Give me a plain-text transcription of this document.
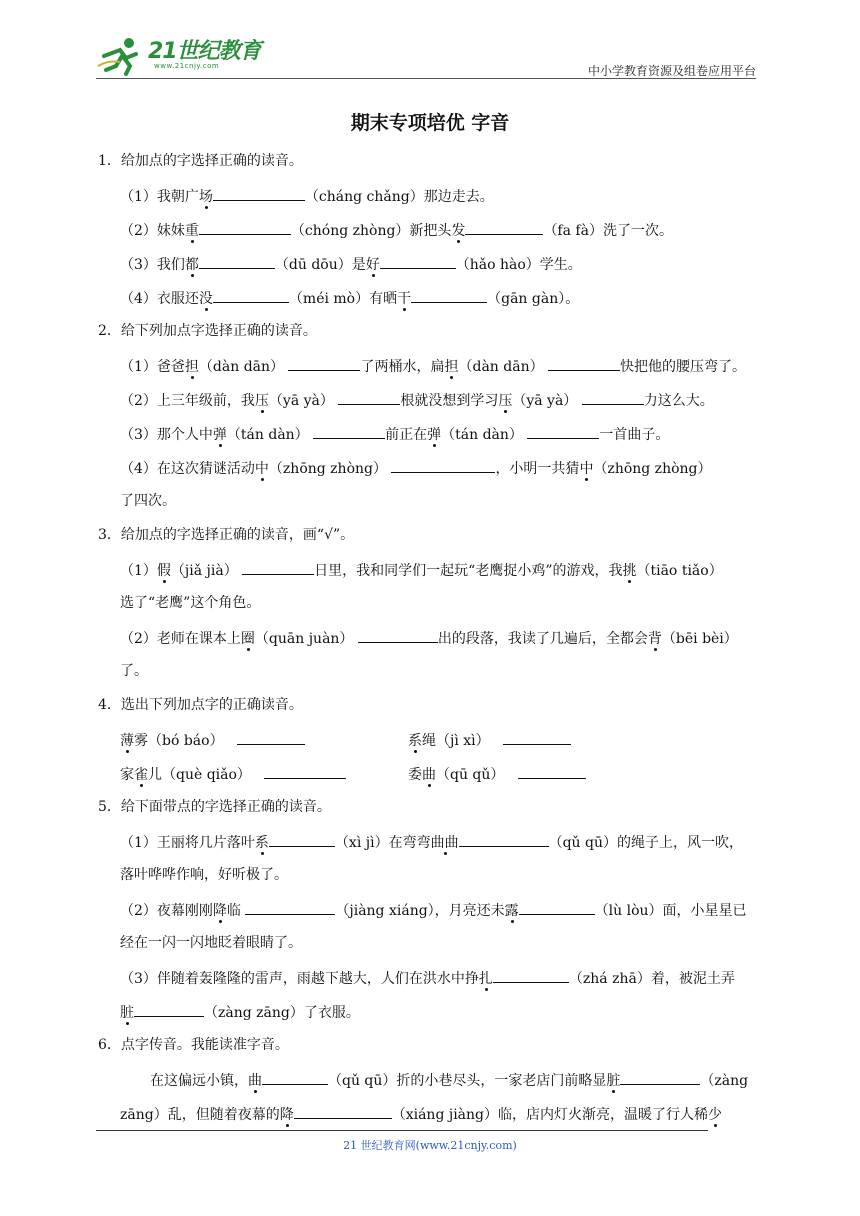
21世纪教育
www.21cnjy.com	中小学教育资源及组卷应用平台
期末专项培优 字音
1．给加点的字选择正确的读音。
（1）我朝广场	（cháng chǎng）那边走去。
（2）妹妹重	（chóng zhòng）新把头发	（fa fà）洗了一次。
（3）我们都	（dū dōu）是好	（hǎo hào）学生。
（4）衣服还没	（méi mò）有晒干	（gān gàn）。
2．给下列加点字选择正确的读音。
（1）爸爸担（dàn dān）	了两桶水，扁担（dàn dān）	快把他的腰压弯了。
（2）上三年级前，我压（yā yà）	根就没想到学习压（yā yà）	力这么大。
（3）那个人中弹（tán dàn）	前正在弹（tán dàn）	一首曲子。
（4）在这次猜谜活动中（zhōng zhòng）	，小明一共猜中（zhōng zhòng）
了四次。
3．给加点的字选择正确的读音，画“√”。
（1）假（jiǎ jià）	日里，我和同学们一起玩“老鹰捉小鸡”的游戏，我挑（tiāo tiǎo）
选了“老鹰”这个角色。
（2）老师在课本上圈（quān juàn）	出的段落，我读了几遍后，全都会背（bēi bèi）
了。
4．选出下列加点字的正确读音。
薄雾（bó báo）	系绳（jì xì）
家雀儿（què qiǎo）	委曲（qū qǔ）
5．给下面带点的字选择正确的读音。
（1）王丽将几片落叶系	（xì jì）在弯弯曲曲	（qǔ qū）的绳子上，风一吹，
落叶哗哗作响，好听极了。
（2）夜幕刚刚降临	（jiàng xiáng），月亮还未露	（lù lòu）面，小星星已
经在一闪一闪地眨着眼睛了。
（3）伴随着轰隆隆的雷声，雨越下越大，人们在洪水中挣扎	（zhá zhā）着，被泥土弄
脏	（zàng zāng）了衣服。
6．点字传音。我能读准字音。
在这偏远小镇，曲	（qǔ qū）折的小巷尽头，一家老店门前略显脏	（zàng
zāng）乱，但随着夜幕的降	（xiáng jiàng）临，店内灯火渐亮，温暖了行人稀少
21 世纪教育网(www.21cnjy.com)
